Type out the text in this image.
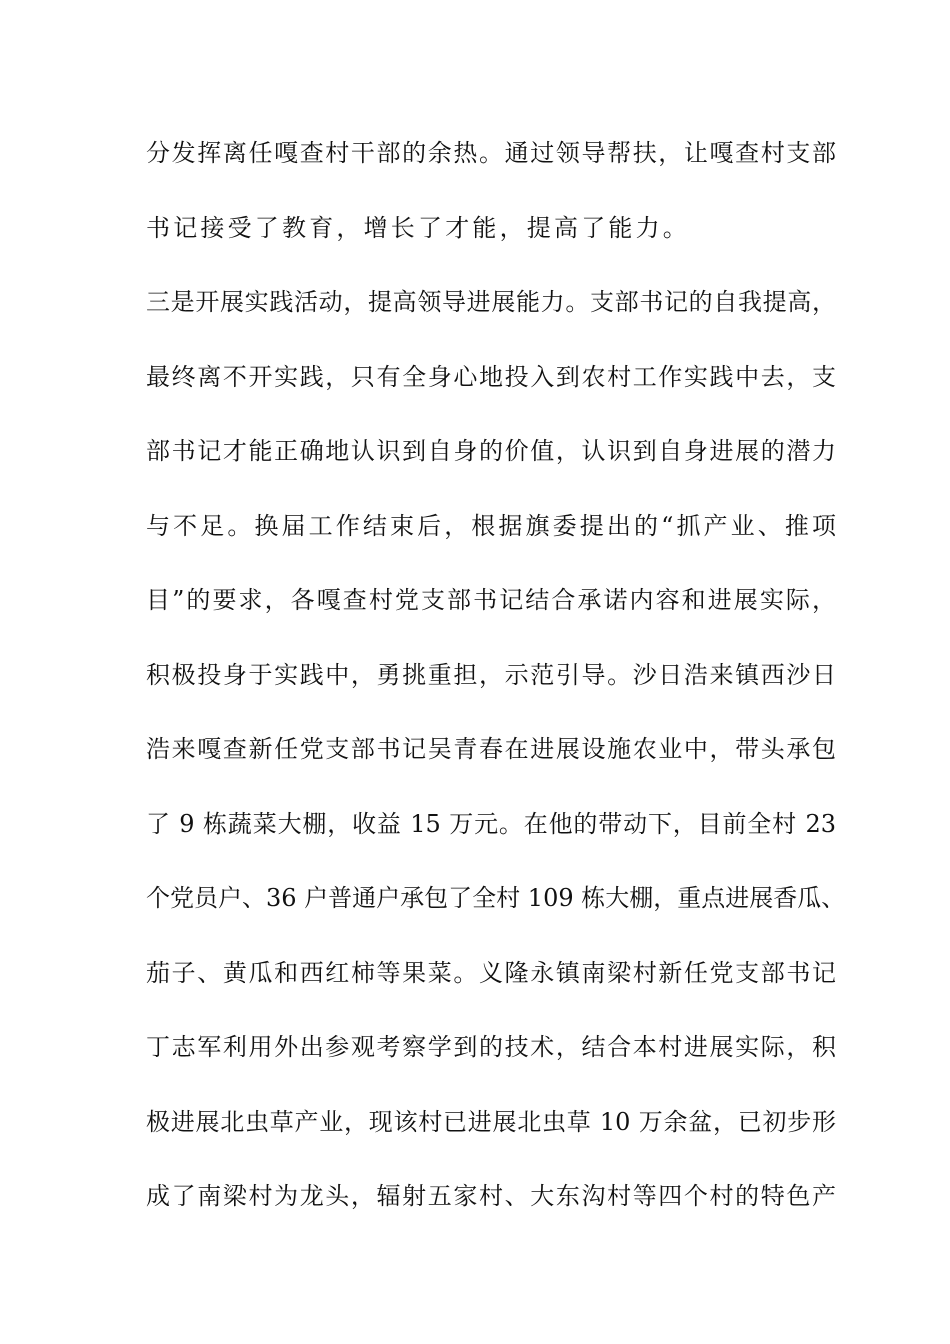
分发挥离任嘎查村干部的余热。通过领导帮扶，让嘎查村支部
书记接受了教育，增长了才能，提高了能力。
三是开展实践活动，提高领导进展能力。支部书记的自我提高，
最终离不开实践，只有全身心地投入到农村工作实践中去，支
部书记才能正确地认识到自身的价值，认识到自身进展的潜力
与不足。换届工作结束后，根据旗委提出的“抓产业、推项
目”的要求，各嘎查村党支部书记结合承诺内容和进展实际，
积极投身于实践中，勇挑重担，示范引导。沙日浩来镇西沙日
浩来嘎查新任党支部书记吴青春在进展设施农业中，带头承包
了 9 栋蔬菜大棚，收益 15 万元。在他的带动下，目前全村 23
个党员户、36 户普通户承包了全村 109 栋大棚，重点进展香瓜、
茄子、黄瓜和西红柿等果菜。义隆永镇南梁村新任党支部书记
丁志军利用外出参观考察学到的技术，结合本村进展实际，积
极进展北虫草产业，现该村已进展北虫草 10 万余盆，已初步形
成了南梁村为龙头，辐射五家村、大东沟村等四个村的特色产
